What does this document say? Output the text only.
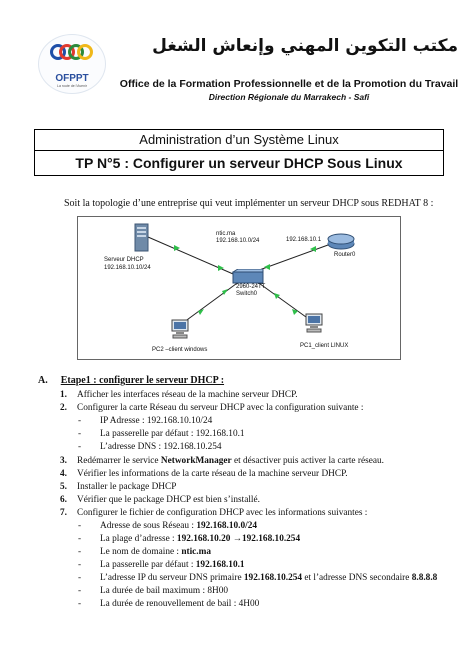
OFPPT
La route de l'Avenir
مكتب التكوين المهني وإنعاش الشغل
Office de la Formation Professionnelle et de la Promotion du Travail
Direction Régionale du Marrakech - Safi
Administration d’un Système Linux
TP N°5 : Configurer un serveur DHCP Sous Linux
Soit la topologie d’une entreprise qui veut implémenter un serveur DHCP sous REDHAT 8 :
Serveur DHCP
192.168.10.10/24
ntic.ma
192.168.10.0/24	192.168.10.1
Router0
2960-24TT
Switch0
PC2 –client windows
PC1_client LINUX
A. Etape1 : configurer le serveur DHCP :
1. Afficher les interfaces réseau de la machine serveur DHCP.
2. Configurer la carte Réseau du serveur DHCP avec la configuration suivante :
- IP Adresse : 192.168.10.10/24
- La passerelle par défaut : 192.168.10.1
- L’adresse DNS : 192.168.10.254
3. Redémarrer le service NetworkManager et désactiver puis activer la carte réseau.
4. Vérifier les informations de la carte réseau de la machine serveur DHCP.
5. Installer le package DHCP
6. Vérifier que le package DHCP est bien s’installé.
7. Configurer le fichier de configuration DHCP avec les informations suivantes :
- Adresse de sous Réseau : 192.168.10.0/24
- La plage d’adresse : 192.168.10.20 →192.168.10.254
- Le nom de domaine : ntic.ma
- La passerelle par défaut : 192.168.10.1
- L’adresse IP du serveur DNS primaire 192.168.10.254 et l’adresse DNS secondaire 8.8.8.8
- La durée de bail maximum : 8H00
- La durée de renouvellement de bail : 4H00
